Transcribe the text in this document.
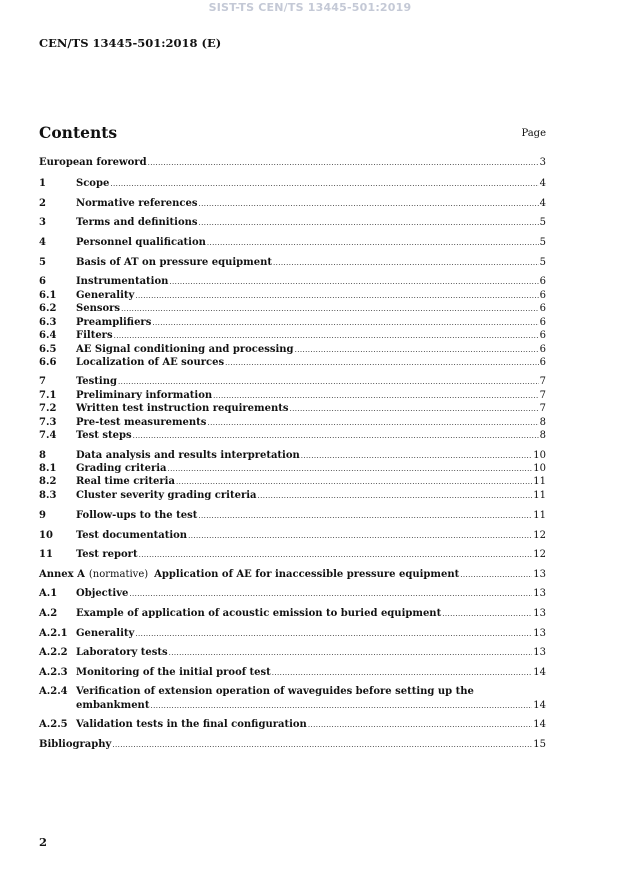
SIST-TS CEN/TS 13445-501:2019
CEN/TS 13445-501:2018 (E)
Contents	Page
European foreword .....	3
1	Scope .....	4
2	Normative references .....	4
3	Terms and definitions .....	5
4	Personnel qualification .....	5
5	Basis of AT on pressure equipment .....	5
6	Instrumentation .....	6
6.1	Generality .....	6
6.2	Sensors .....	6
6.3	Preamplifiers .....	6
6.4	Filters .....	6
6.5	AE Signal conditioning and processing .....	6
6.6	Localization of AE sources .....	6
7	Testing .....	7
7.1	Preliminary information .....	7
7.2	Written test instruction requirements .....	7
7.3	Pre-test measurements .....	8
7.4	Test steps .....	8
8	Data analysis and results interpretation .....	10
8.1	Grading criteria .....	10
8.2	Real time criteria .....	11
8.3	Cluster severity grading criteria .....	11
9	Follow-ups to the test .....	11
10	Test documentation .....	12
11	Test report .....	12
Annex A (normative) Application of AE for inaccessible pressure equipment .....	13
A.1	Objective .....	13
A.2	Example of application of acoustic emission to buried equipment .....	13
A.2.1 Generality .....	13
A.2.2 Laboratory tests .....	13
A.2.3 Monitoring of the initial proof test .....	14
A.2.4 Verification of extension operation of waveguides before setting up the
embankment .....	14
A.2.5 Validation tests in the final configuration .....	14
Bibliography .....	15
2
